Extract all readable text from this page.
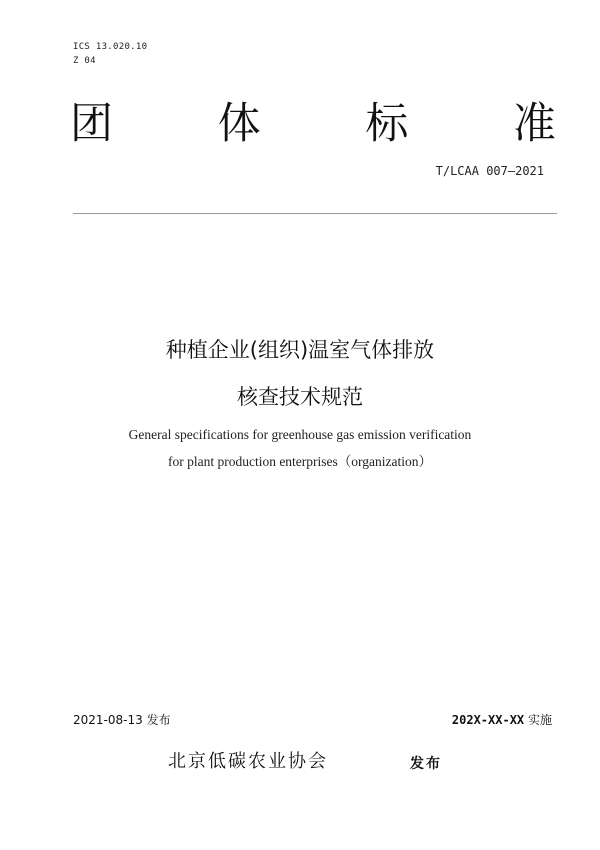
ICS 13.020.10
Z 04
团 体 标 准
T/LCAA 007—2021
种植企业(组织)温室气体排放
核查技术规范
General specifications for greenhouse gas emission verification
for plant production enterprises（organization）
2021-08-13 发布	202X-XX-XX 实施
北京低碳农业协会	发布
